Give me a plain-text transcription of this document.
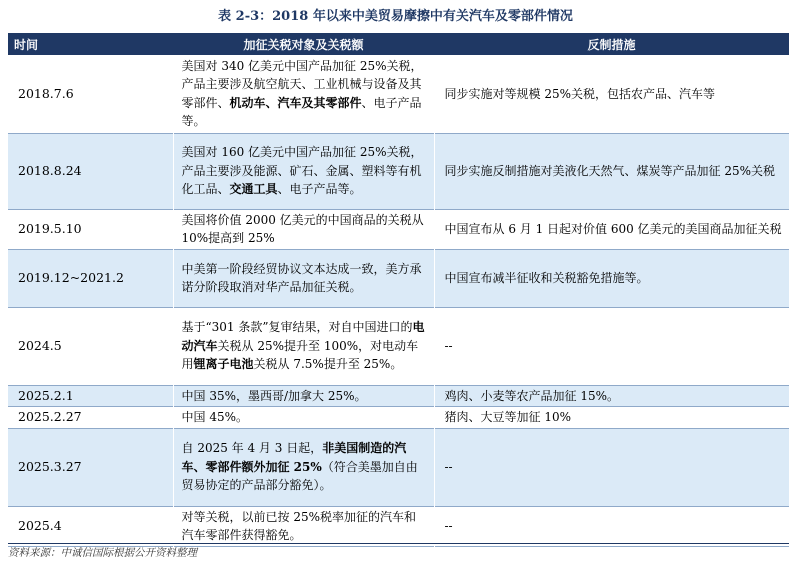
表 2-3：2018 年以来中美贸易摩擦中有关汽车及零部件情况
时间	加征关税对象及关税额	反制措施
2018.7.6	美国对 340 亿美元中国产品加征 25%关税，产品主要涉及航空航天、工业机械与设备及其零部件、机动车、汽车及其零部件、电子产品等。	同步实施对等规模 25%关税，包括农产品、汽车等
2018.8.24	美国对 160 亿美元中国产品加征 25%关税，产品主要涉及能源、矿石、金属、塑料等有机化工品、交通工具、电子产品等。	同步实施反制措施对美液化天然气、煤炭等产品加征 25%关税
2019.5.10	美国将价值 2000 亿美元的中国商品的关税从 10%提高到 25%	中国宣布从 6 月 1 日起对价值 600 亿美元的美国商品加征关税
2019.12~2021.2	中美第一阶段经贸协议文本达成一致，美方承诺分阶段取消对华产品加征关税。	中国宣布减半征收和关税豁免措施等。
2024.5	基于“301 条款”复审结果，对自中国进口的电动汽车关税从 25%提升至 100%，对电动车用锂离子电池关税从 7.5%提升至 25%。	--
2025.2.1	中国 35%，墨西哥/加拿大 25%。	鸡肉、小麦等农产品加征 15%。
2025.2.27	中国 45%。	猪肉、大豆等加征 10%
2025.3.27	自 2025 年 4 月 3 日起，非美国制造的汽车、零部件额外加征 25%（符合美墨加自由贸易协定的产品部分豁免）。	--
2025.4	对等关税，以前已按 25%税率加征的汽车和汽车零部件获得豁免。	--
资料来源：中诚信国际根据公开资料整理
